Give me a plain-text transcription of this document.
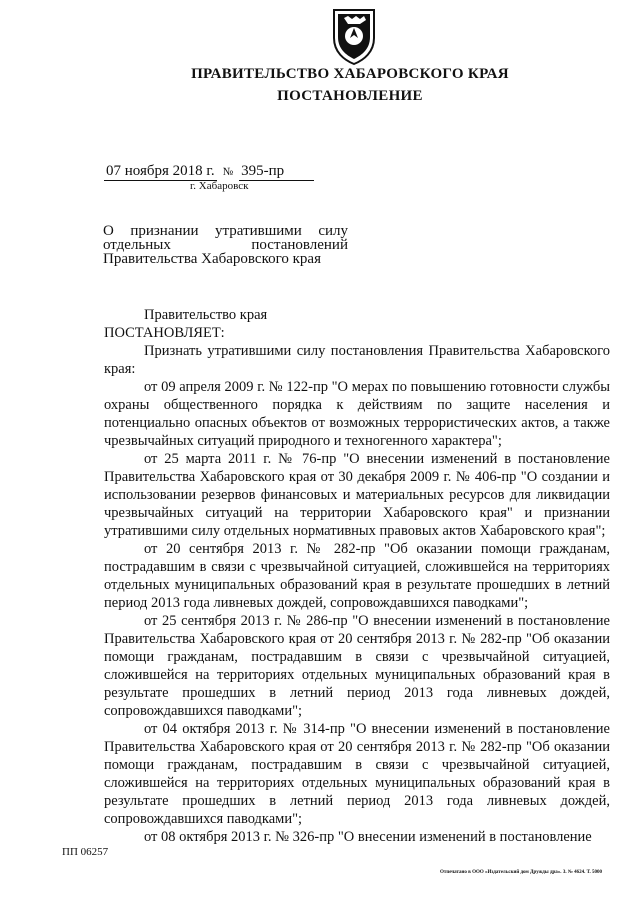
ПРАВИТЕЛЬСТВО ХАБАРОВСКОГО КРАЯ
ПОСТАНОВЛЕНИЕ
07 ноября 2018 г. № 395-пр
г. Хабаровск
О признании утратившими силу отдельных постановлений Правительства Хабаровского края

Правительство края

ПОСТАНОВЛЯЕТ:

Признать утратившими силу постановления Правительства Хабаровского края:

от 09 апреля 2009 г. № 122-пр "О мерах по повышению готовности службы охраны общественного порядка к действиям по защите населения и потенциально опасных объектов от возможных террористических актов, а также чрезвычайных ситуаций природного и техногенного характера";

от 25 марта 2011 г. № 76-пр "О внесении изменений в постановление Правительства Хабаровского края от 30 декабря 2009 г. № 406-пр "О создании и использовании резервов финансовых и материальных ресурсов для ликвидации чрезвычайных ситуаций на территории Хабаровского края" и признании утратившими силу отдельных нормативных правовых актов Хабаровского края";

от 20 сентября 2013 г. № 282-пр "Об оказании помощи гражданам, пострадавшим в связи с чрезвычайной ситуацией, сложившейся на территориях отдельных муниципальных образований края в результате прошедших в летний период 2013 года ливневых дождей, сопровождавшихся паводками";

от 25 сентября 2013 г. № 286-пр "О внесении изменений в постановление Правительства Хабаровского края от 20 сентября 2013 г. № 282-пр "Об оказании помощи гражданам, пострадавшим в связи с чрезвычайной ситуацией, сложившейся на территориях отдельных муниципальных образований края в результате прошедших в летний период 2013 года ливневых дождей, сопровождавшихся паводками";

от 04 октября 2013 г. № 314-пр "О внесении изменений в постановление Правительства Хабаровского края от 20 сентября 2013 г. № 282-пр "Об оказании помощи гражданам, пострадавшим в связи с чрезвычайной ситуацией, сложившейся на территориях отдельных муниципальных образований края в результате прошедших в летний период 2013 года ливневых дождей, сопровождавшихся паводками";

от 08 октября 2013 г. № 326-пр "О внесении изменений в постановление

ПП 06257
Отпечатано в ООО «Издательский дом Дружды дра». З. № 4624. Т. 5000
